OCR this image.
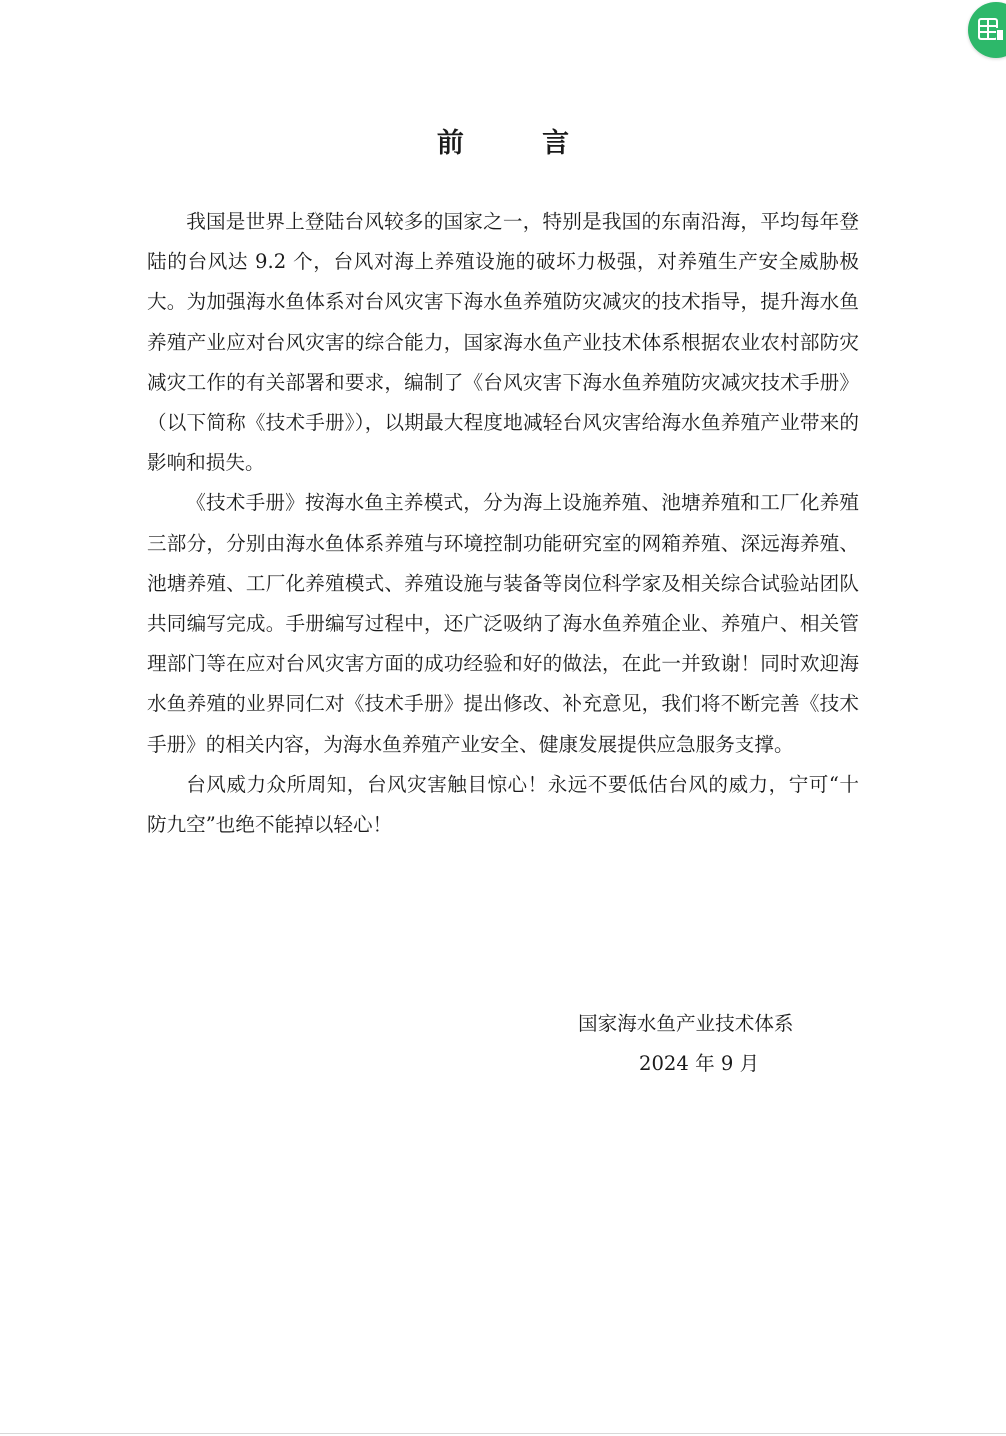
前　言

我国是世界上登陆台风较多的国家之一，特别是我国的东南沿海，平均每年登陆的台风达 9.2 个，台风对海上养殖设施的破坏力极强，对养殖生产安全威胁极大。为加强海水鱼体系对台风灾害下海水鱼养殖防灾减灾的技术指导，提升海水鱼养殖产业应对台风灾害的综合能力，国家海水鱼产业技术体系根据农业农村部防灾减灾工作的有关部署和要求，编制了《台风灾害下海水鱼养殖防灾减灾技术手册》（以下简称《技术手册》），以期最大程度地减轻台风灾害给海水鱼养殖产业带来的影响和损失。

《技术手册》按海水鱼主养模式，分为海上设施养殖、池塘养殖和工厂化养殖三部分，分别由海水鱼体系养殖与环境控制功能研究室的网箱养殖、深远海养殖、池塘养殖、工厂化养殖模式、养殖设施与装备等岗位科学家及相关综合试验站团队共同编写完成。手册编写过程中，还广泛吸纳了海水鱼养殖企业、养殖户、相关管理部门等在应对台风灾害方面的成功经验和好的做法，在此一并致谢！同时欢迎海水鱼养殖的业界同仁对《技术手册》提出修改、补充意见，我们将不断完善《技术手册》的相关内容，为海水鱼养殖产业安全、健康发展提供应急服务支撑。

台风威力众所周知，台风灾害触目惊心！永远不要低估台风的威力，宁可“十防九空”也绝不能掉以轻心！

国家海水鱼产业技术体系
2024 年 9 月
